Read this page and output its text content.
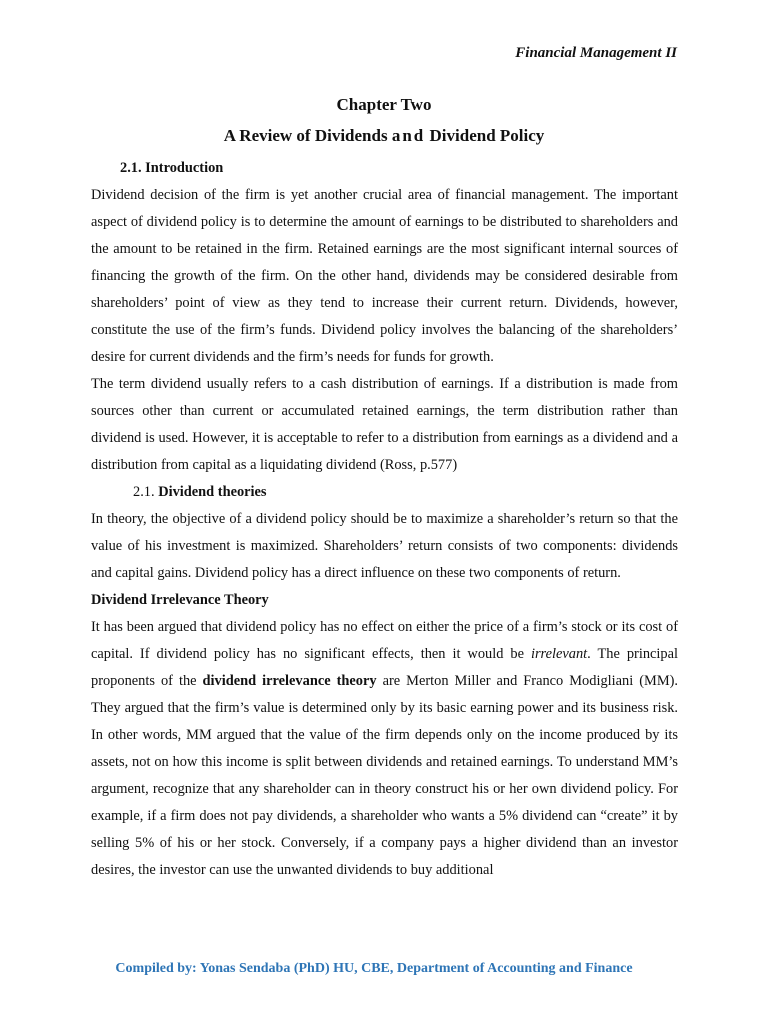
Financial Management II
Chapter Two
A Review of Dividends and Dividend Policy
2.1. Introduction

Dividend decision of the firm is yet another crucial area of financial management. The important aspect of dividend policy is to determine the amount of earnings to be distributed to shareholders and the amount to be retained in the firm. Retained earnings are the most significant internal sources of financing the growth of the firm. On the other hand, dividends may be considered desirable from shareholders’ point of view as they tend to increase their current return. Dividends, however, constitute the use of the firm’s funds. Dividend policy involves the balancing of the shareholders’ desire for current dividends and the firm’s needs for funds for growth.

The term dividend usually refers to a cash distribution of earnings. If a distribution is made from sources other than current or accumulated retained earnings, the term distribution rather than dividend is used. However, it is acceptable to refer to a distribution from earnings as a dividend and a distribution from capital as a liquidating dividend (Ross, p.577)

2.1. Dividend theories

In theory, the objective of a dividend policy should be to maximize a shareholder’s return so that the value of his investment is maximized. Shareholders’ return consists of two components: dividends and capital gains. Dividend policy has a direct influence on these two components of return.

Dividend Irrelevance Theory

It has been argued that dividend policy has no effect on either the price of a firm’s stock or its cost of capital. If dividend policy has no significant effects, then it would be irrelevant. The principal proponents of the dividend irrelevance theory are Merton Miller and Franco Modigliani (MM). They argued that the firm’s value is determined only by its basic earning power and its business risk. In other words, MM argued that the value of the firm depends only on the income produced by its assets, not on how this income is split between dividends and retained earnings. To understand MM’s argument, recognize that any shareholder can in theory construct his or her own dividend policy. For example, if a firm does not pay dividends, a shareholder who wants a 5% dividend can “create” it by selling 5% of his or her stock. Conversely, if a company pays a higher dividend than an investor desires, the investor can use the unwanted dividends to buy additional

Compiled by: Yonas Sendaba (PhD) HU, CBE, Department of Accounting and Finance
